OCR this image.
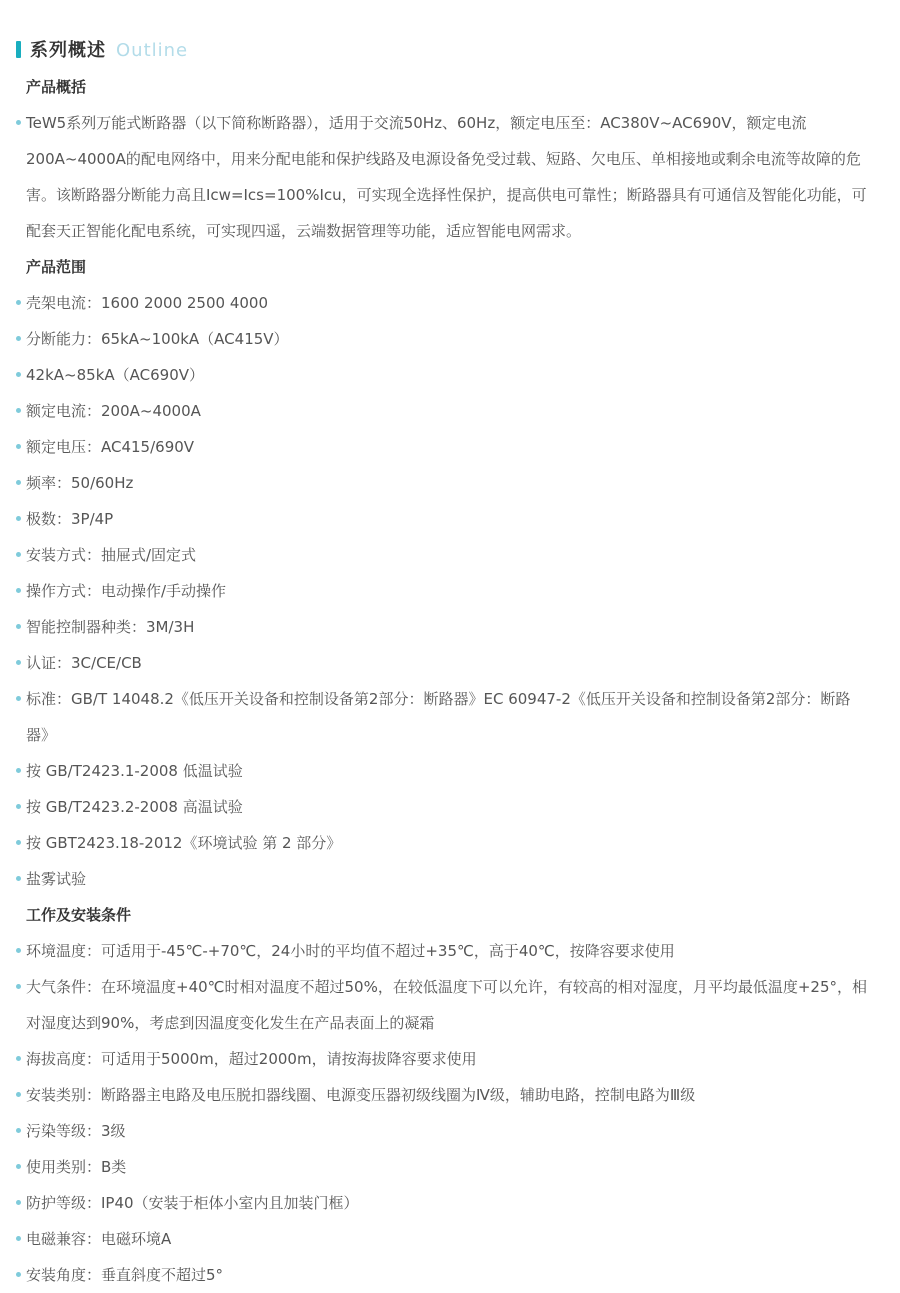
系列概述 Outline
产品概括
TeW5系列万能式断路器（以下简称断路器），适用于交流50Hz、60Hz，额定电压至：AC380V~AC690V，额定电流200A~4000A的配电网络中，用来分配电能和保护线路及电源设备免受过载、短路、欠电压、单相接地或剩余电流等故障的危害。该断路器分断能力高且Icw=Ics=100%Icu，可实现全选择性保护，提高供电可靠性；断路器具有可通信及智能化功能，可配套天正智能化配电系统，可实现四遥，云端数据管理等功能，适应智能电网需求。
产品范围
壳架电流：1600 2000 2500 4000
分断能力：65kA~100kA（AC415V）
42kA~85kA（AC690V）
额定电流：200A~4000A
额定电压：AC415/690V
频率：50/60Hz
极数：3P/4P
安装方式：抽屉式/固定式
操作方式：电动操作/手动操作
智能控制器种类：3M/3H
认证：3C/CE/CB
标准：GB/T 14048.2《低压开关设备和控制设备第2部分：断路器》EC 60947-2《低压开关设备和控制设备第2部分：断路器》
按 GB/T2423.1-2008 低温试验
按 GB/T2423.2-2008 高温试验
按 GBT2423.18-2012《环境试验 第 2 部分》
盐雾试验
工作及安装条件
环境温度：可适用于-45℃-+70℃，24小时的平均值不超过+35℃，高于40℃，按降容要求使用
大气条件：在环境温度+40℃时相对温度不超过50%，在较低温度下可以允许，有较高的相对湿度，月平均最低温度+25°，相对湿度达到90%，考虑到因温度变化发生在产品表面上的凝霜
海拔高度：可适用于5000m，超过2000m，请按海拔降容要求使用
安装类别：断路器主电路及电压脱扣器线圈、电源变压器初级线圈为Ⅳ级，辅助电路，控制电路为Ⅲ级
污染等级：3级
使用类别：B类
防护等级：IP40（安装于柜体小室内且加装门框）
电磁兼容：电磁环境A
安装角度：垂直斜度不超过5°
